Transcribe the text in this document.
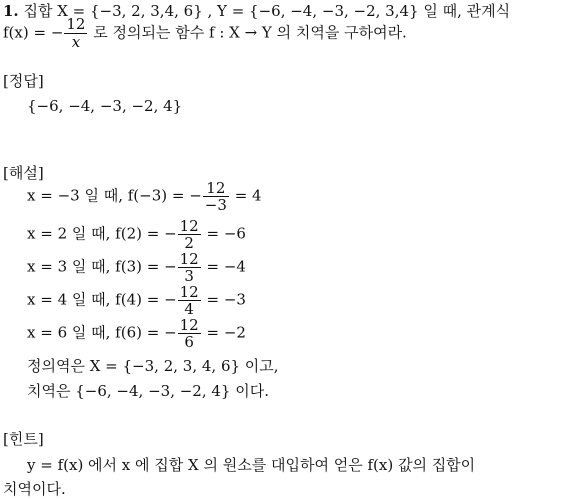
1. 집합 X = {−3, 2, 3,4, 6} , Y = {−6, −4, −3, −2, 3,4} 일 때, 관계식
f(x) = − $\frac{12}{x}$ 로 정의되는 함수 f : X → Y 의 치역을 구하여라.
[정답]
{−6, −4, −3, −2, 4}
[해설]
x = −3 일 때, f(−3) = − $\frac{12}{-3} = 4$
x = 2 일 때, f(2) = − $\frac{12}{2} = -6$
x = 3 일 때, f(3) = − $\frac{12}{3} = -4$
x = 4 일 때, f(4) = − $\frac{12}{4} = -3$
x = 6 일 때, f(6) = − $\frac{12}{6} = -2$
정의역은 X = {−3, 2, 3, 4, 6} 이고,
치역은 {−6, −4, −3, −2, 4} 이다.
[힌트]
y = f(x) 에서 x 에 집합 X 의 원소를 대입하여 얻은 f(x) 값의 집합이
치역이다.
